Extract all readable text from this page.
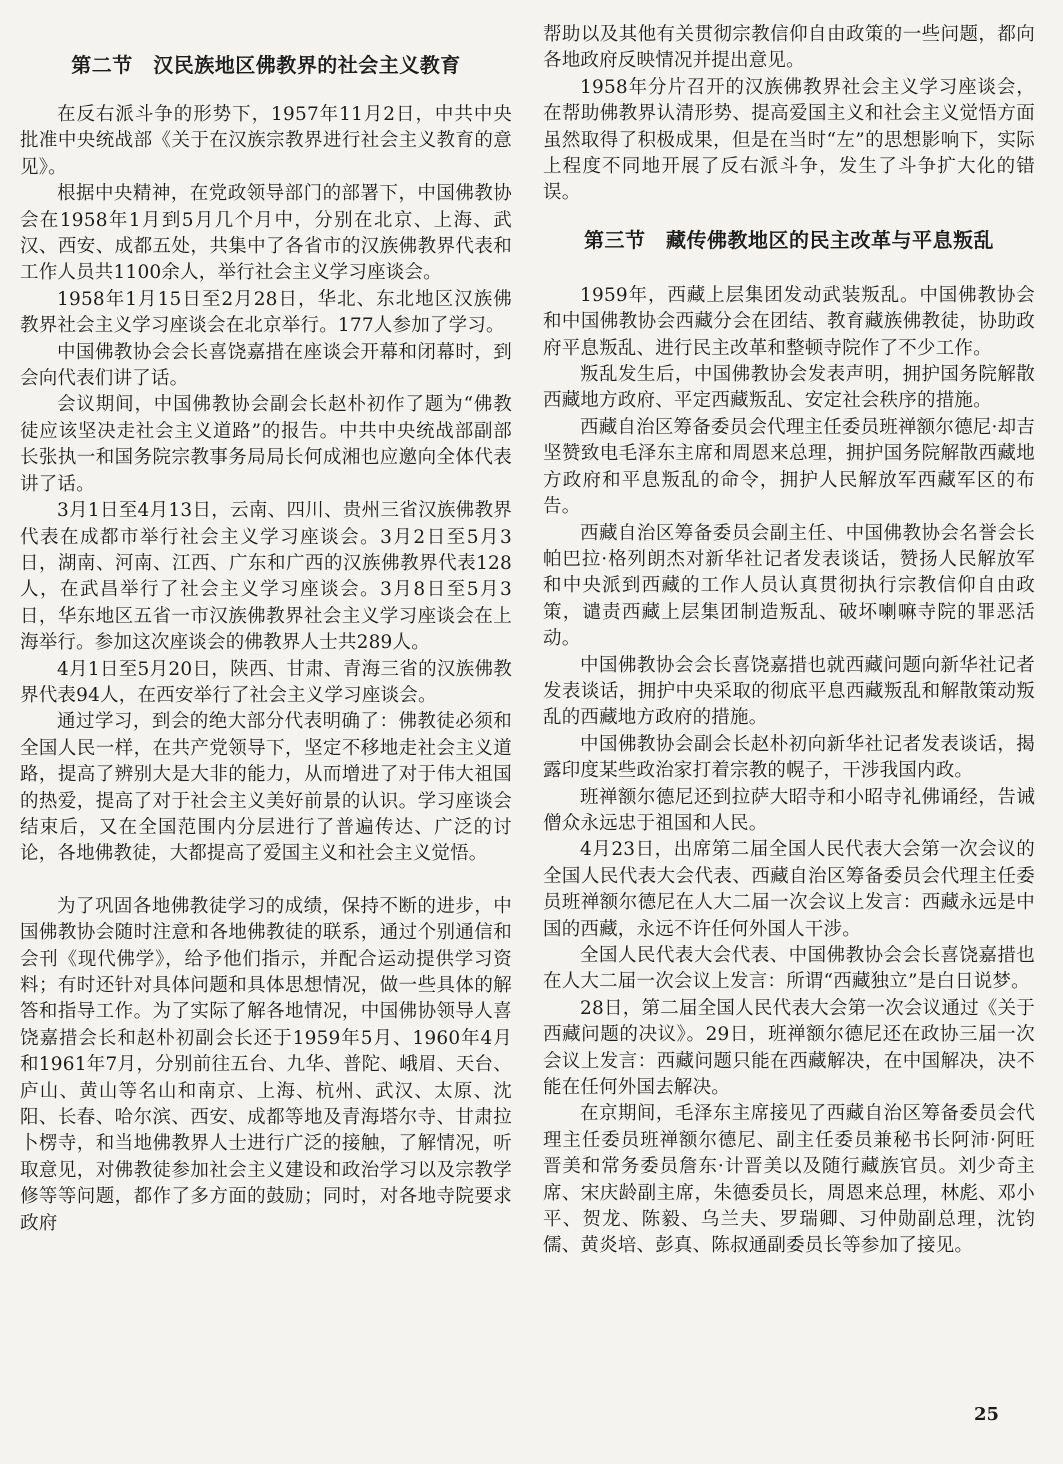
第二节　汉民族地区佛教界的社会主义教育

在反右派斗争的形势下，1957年11月2日，中共中央批准中央统战部《关于在汉族宗教界进行社会主义教育的意见》。

根据中央精神，在党政领导部门的部署下，中国佛教协会在1958年1月到5月几个月中，分别在北京、上海、武汉、西安、成都五处，共集中了各省市的汉族佛教界代表和工作人员共1100余人，举行社会主义学习座谈会。

1958年1月15日至2月28日，华北、东北地区汉族佛教界社会主义学习座谈会在北京举行。177人参加了学习。

中国佛教协会会长喜饶嘉措在座谈会开幕和闭幕时，到会向代表们讲了话。

会议期间，中国佛教协会副会长赵朴初作了题为“佛教徒应该坚决走社会主义道路”的报告。中共中央统战部副部长张执一和国务院宗教事务局局长何成湘也应邀向全体代表讲了话。

3月1日至4月13日，云南、四川、贵州三省汉族佛教界代表在成都市举行社会主义学习座谈会。3月2日至5月3日，湖南、河南、江西、广东和广西的汉族佛教界代表128人，在武昌举行了社会主义学习座谈会。3月8日至5月3日，华东地区五省一市汉族佛教界社会主义学习座谈会在上海举行。参加这次座谈会的佛教界人士共289人。

4月1日至5月20日，陕西、甘肃、青海三省的汉族佛教界代表94人，在西安举行了社会主义学习座谈会。

通过学习，到会的绝大部分代表明确了：佛教徒必须和全国人民一样，在共产党领导下，坚定不移地走社会主义道路，提高了辨别大是大非的能力，从而增进了对于伟大祖国的热爱，提高了对于社会主义美好前景的认识。学习座谈会结束后，又在全国范围内分层进行了普遍传达、广泛的讨论，各地佛教徒，大都提高了爱国主义和社会主义觉悟。

为了巩固各地佛教徒学习的成绩，保持不断的进步，中国佛教协会随时注意和各地佛教徒的联系，通过个别通信和会刊《现代佛学》，给予他们指示，并配合运动提供学习资料；有时还针对具体问题和具体思想情况，做一些具体的解答和指导工作。为了实际了解各地情况，中国佛协领导人喜饶嘉措会长和赵朴初副会长还于1959年5月、1960年4月和1961年7月，分别前往五台、九华、普陀、峨眉、天台、庐山、黄山等名山和南京、上海、杭州、武汉、太原、沈阳、长春、哈尔滨、西安、成都等地及青海塔尔寺、甘肃拉卜楞寺，和当地佛教界人士进行广泛的接触，了解情况，听取意见，对佛教徒参加社会主义建设和政治学习以及宗教学修等等问题，都作了多方面的鼓励；同时，对各地寺院要求政府

帮助以及其他有关贯彻宗教信仰自由政策的一些问题，都向各地政府反映情况并提出意见。

1958年分片召开的汉族佛教界社会主义学习座谈会，在帮助佛教界认清形势、提高爱国主义和社会主义觉悟方面虽然取得了积极成果，但是在当时“左”的思想影响下，实际上程度不同地开展了反右派斗争，发生了斗争扩大化的错误。

第三节　藏传佛教地区的民主改革与平息叛乱

1959年，西藏上层集团发动武装叛乱。中国佛教协会和中国佛教协会西藏分会在团结、教育藏族佛教徒，协助政府平息叛乱、进行民主改革和整顿寺院作了不少工作。

叛乱发生后，中国佛教协会发表声明，拥护国务院解散西藏地方政府、平定西藏叛乱、安定社会秩序的措施。

西藏自治区筹备委员会代理主任委员班禅额尔德尼·却吉坚赞致电毛泽东主席和周恩来总理，拥护国务院解散西藏地方政府和平息叛乱的命令，拥护人民解放军西藏军区的布告。

西藏自治区筹备委员会副主任、中国佛教协会名誉会长帕巴拉·格列朗杰对新华社记者发表谈话，赞扬人民解放军和中央派到西藏的工作人员认真贯彻执行宗教信仰自由政策，谴责西藏上层集团制造叛乱、破坏喇嘛寺院的罪恶活动。

中国佛教协会会长喜饶嘉措也就西藏问题向新华社记者发表谈话，拥护中央采取的彻底平息西藏叛乱和解散策动叛乱的西藏地方政府的措施。

中国佛教协会副会长赵朴初向新华社记者发表谈话，揭露印度某些政治家打着宗教的幌子，干涉我国内政。

班禅额尔德尼还到拉萨大昭寺和小昭寺礼佛诵经，告诫僧众永远忠于祖国和人民。

4月23日，出席第二届全国人民代表大会第一次会议的全国人民代表大会代表、西藏自治区筹备委员会代理主任委员班禅额尔德尼在人大二届一次会议上发言：西藏永远是中国的西藏，永远不许任何外国人干涉。

全国人民代表大会代表、中国佛教协会会长喜饶嘉措也在人大二届一次会议上发言：所谓“西藏独立”是白日说梦。

28日，第二届全国人民代表大会第一次会议通过《关于西藏问题的决议》。29日，班禅额尔德尼还在政协三届一次会议上发言：西藏问题只能在西藏解决，在中国解决，决不能在任何外国去解决。

在京期间，毛泽东主席接见了西藏自治区筹备委员会代理主任委员班禅额尔德尼、副主任委员兼秘书长阿沛·阿旺晋美和常务委员詹东·计晋美以及随行藏族官员。刘少奇主席、宋庆龄副主席，朱德委员长，周恩来总理，林彪、邓小平、贺龙、陈毅、乌兰夫、罗瑞卿、习仲勋副总理，沈钧儒、黄炎培、彭真、陈叔通副委员长等参加了接见。

25
